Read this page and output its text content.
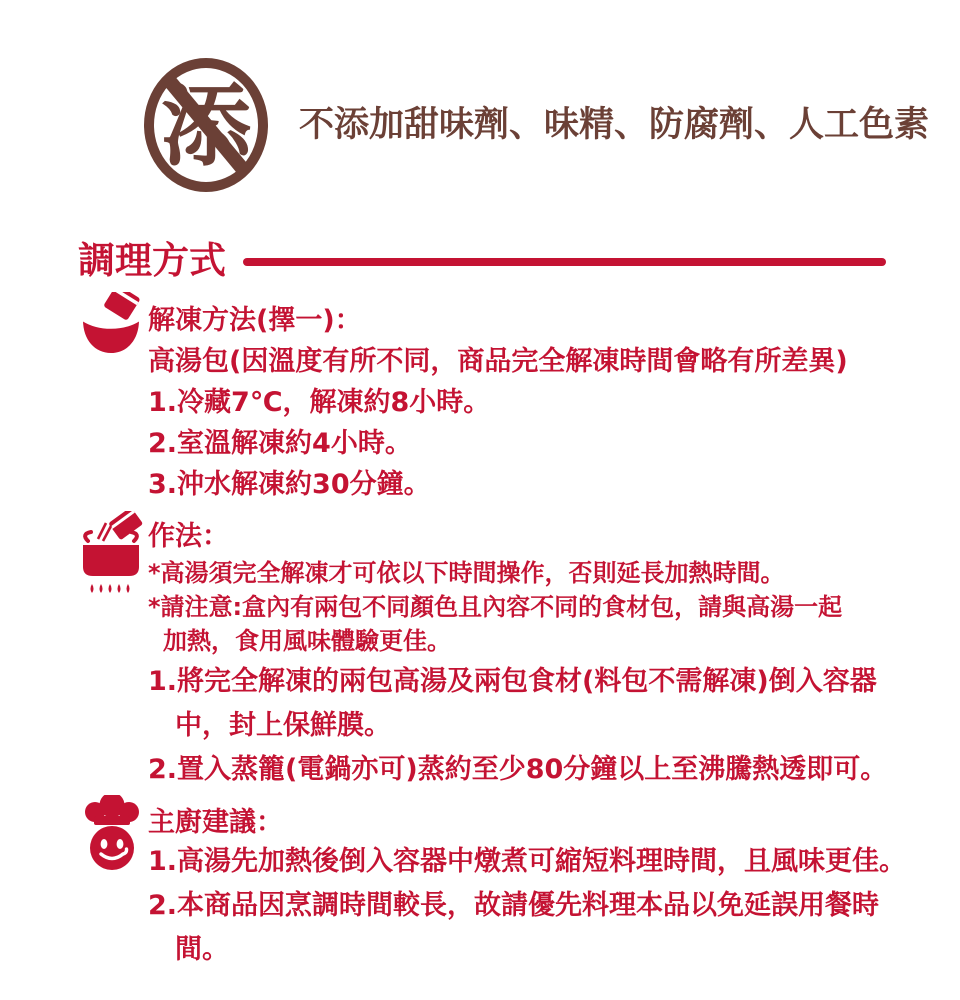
添 不添加甜味劑、味精、防腐劑、人工色素
調理方式
解凍方法(擇一)：
高湯包(因溫度有所不同，商品完全解凍時間會略有所差異)
1.冷藏7℃，解凍約8小時。
2.室溫解凍約4小時。
3.沖水解凍約30分鐘。
作法：
*高湯須完全解凍才可依以下時間操作，否則延長加熱時間。
*請注意:盒內有兩包不同顏色且內容不同的食材包，請與高湯一起
加熱，食用風味體驗更佳。
1.將完全解凍的兩包高湯及兩包食材(料包不需解凍)倒入容器
中，封上保鮮膜。
2.置入蒸籠(電鍋亦可)蒸約至少80分鐘以上至沸騰熱透即可。
主廚建議：
1.高湯先加熱後倒入容器中燉煮可縮短料理時間，且風味更佳。
2.本商品因烹調時間較長，故請優先料理本品以免延誤用餐時
間。
